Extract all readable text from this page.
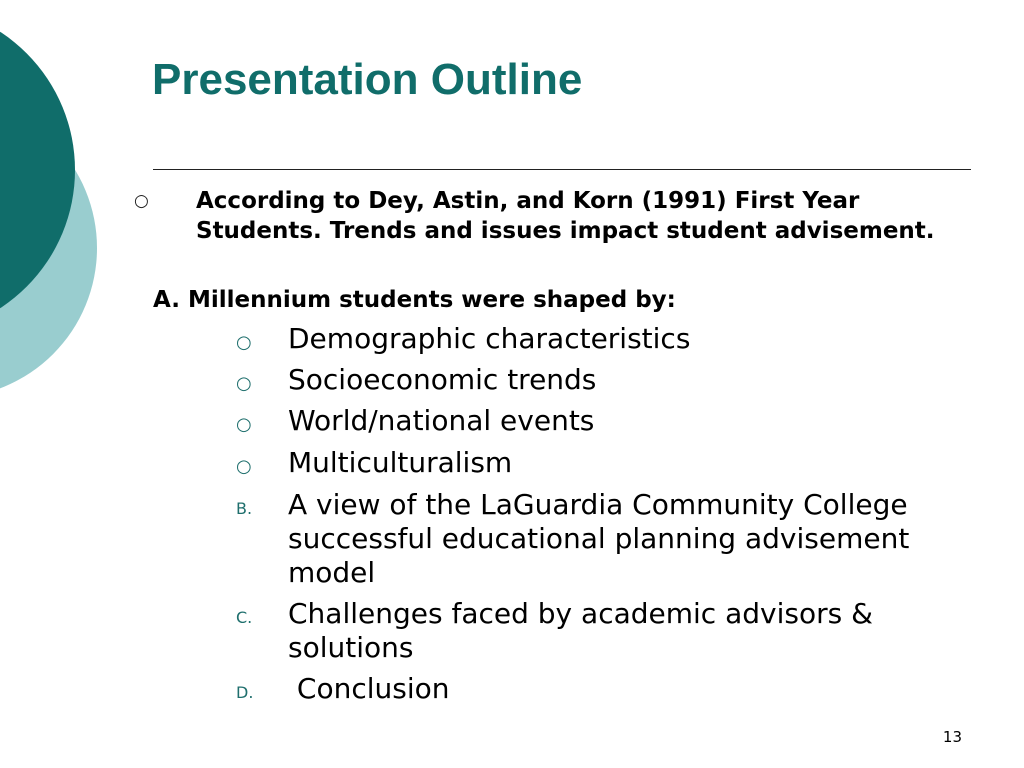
Presentation Outline
○ According to Dey, Astin, and Korn (1991) First Year Students. Trends and issues impact student advisement.
A. Millennium students were shaped by:
○	Demographic characteristics
○	Socioeconomic trends
○	World/national events
○	Multiculturalism
B.	A view of the LaGuardia Community College successful educational planning advisement model
C.	Challenges faced by academic advisors & solutions
D.	Conclusion
13
